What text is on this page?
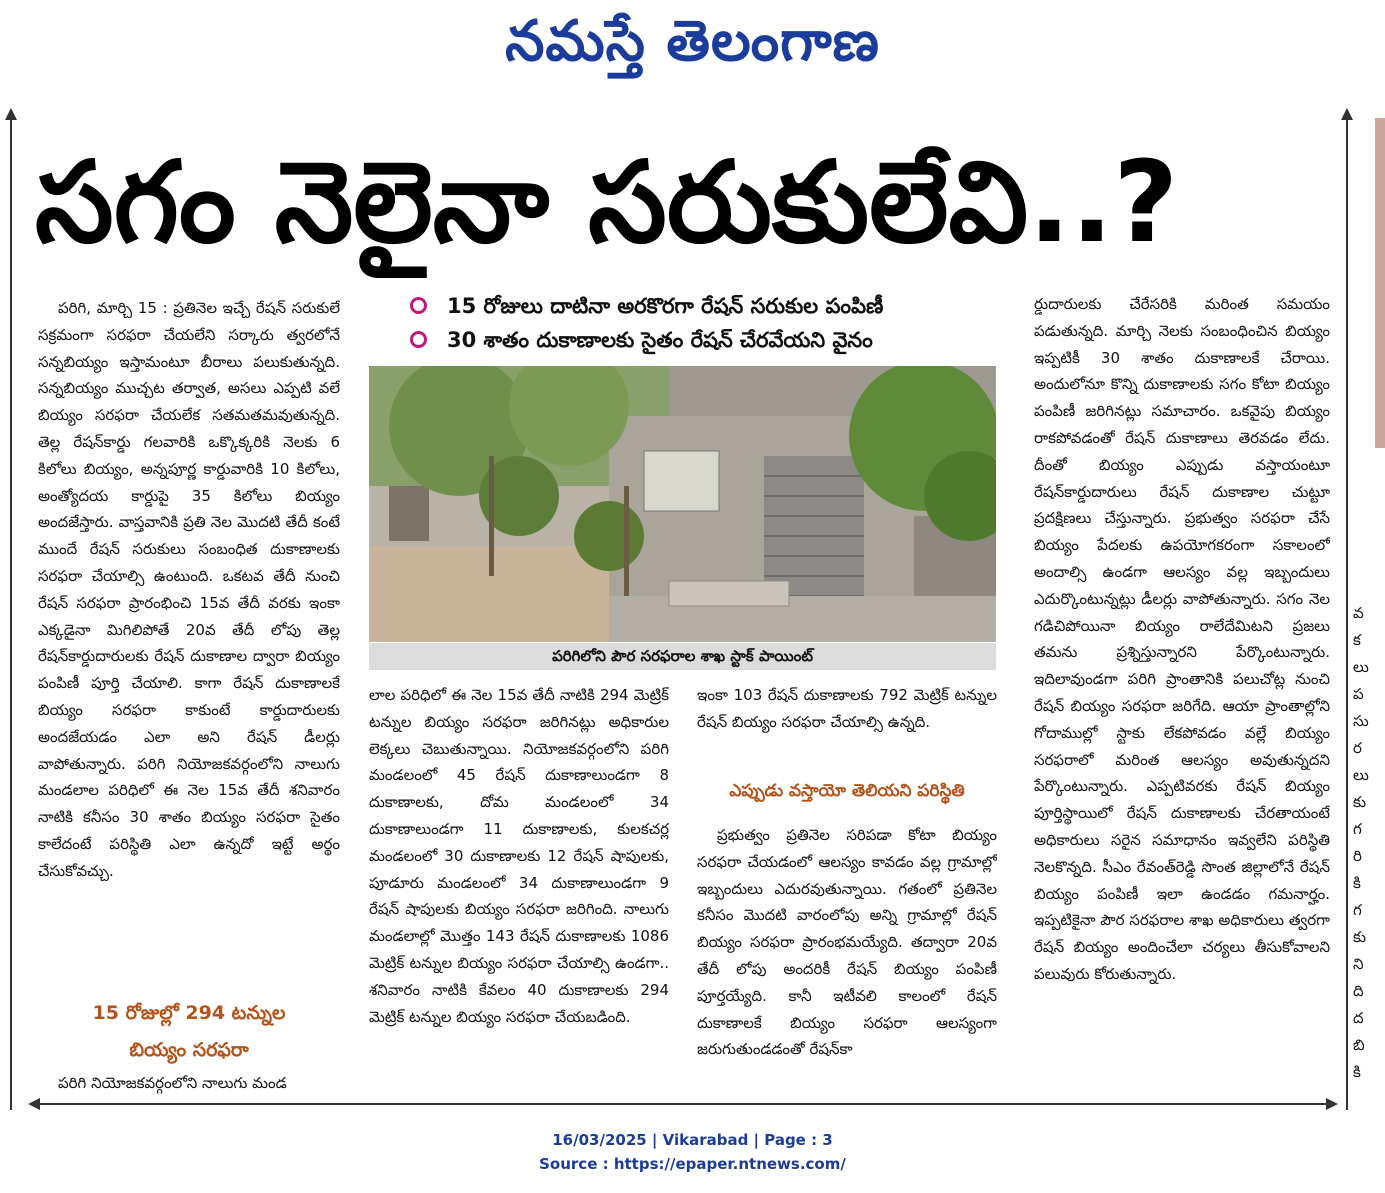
నమస్తే తెలంగాణ
వ
క
లు
ప
సు
ర
లు
కు
గ
రి
కి
గ
కు
ని
ది
ద
బి
కి
సగం నెలైనా సరుకులేవి..?

పరిగి, మార్చి 15 : ప్రతినెల ఇచ్చే రేషన్ సరుకులే సక్రమంగా సరఫరా చేయలేని సర్కారు త్వరలోనే సన్నబియ్యం ఇస్తామంటూ బీరాలు పలుకుతున్నది. సన్నబియ్యం ముచ్చట తర్వాత, అసలు ఎప్పటి వలే బియ్యం సరఫరా చేయలేక సతమతమవుతున్నది. తెల్ల రేషన్‌కార్డు గలవారికి ఒక్కొక్కరికి నెలకు 6 కిలోలు బియ్యం, అన్నపూర్ణ కార్డువారికి 10 కిలోలు, అంత్యోదయ కార్డుపై 35 కిలోలు బియ్యం అందజేస్తారు. వాస్తవానికి ప్రతి నెల మొదటి తేదీ కంటే ముందే రేషన్ సరుకులు సంబంధిత దుకాణాలకు సరఫరా చేయాల్సి ఉంటుంది. ఒకటవ తేదీ నుంచి రేషన్ సరఫరా ప్రారంభించి 15వ తేదీ వరకు ఇంకా ఎక్కడైనా మిగిలిపోతే 20వ తేదీ లోపు తెల్ల రేషన్‌కార్డుదారులకు రేషన్ దుకాణాల ద్వారా బియ్యం పంపిణీ పూర్తి చేయాలి. కాగా రేషన్ దుకాణాలకే బియ్యం సరఫరా కాకుంటే కార్డుదారులకు అందజేయడం ఎలా అని రేషన్ డీలర్లు వాపోతున్నారు. పరిగి నియోజకవర్గంలోని నాలుగు మండలాల పరిధిలో ఈ నెల 15వ తేదీ శనివారం నాటికి కనీసం 30 శాతం బియ్యం సరఫరా సైతం కాలేదంటే పరిస్థితి ఎలా ఉన్నదో ఇట్టే అర్థం చేసుకోవచ్చు.

15 రోజుల్లో 294 టన్నుల
బియ్యం సరఫరా
పరిగి నియోజకవర్గంలోని నాలుగు మండ
15 రోజులు దాటినా అరకొరగా రేషన్ సరుకుల పంపిణీ
30 శాతం దుకాణాలకు సైతం రేషన్ చేరవేయని వైనం
పరిగిలోని పౌర సరఫరాల శాఖ స్టాక్ పాయింట్
లాల పరిధిలో ఈ నెల 15వ తేదీ నాటికి 294 మెట్రిక్ టన్నుల బియ్యం సరఫరా జరిగినట్లు అధికారుల లెక్కలు చెబుతున్నాయి. నియోజకవర్గంలోని పరిగి మండలంలో 45 రేషన్ దుకాణాలుండగా 8 దుకాణాలకు, దోమ మండలంలో 34 దుకాణాలుండగా 11 దుకాణాలకు, కులకచర్ల మండలంలో 30 దుకాణాలకు 12 రేషన్ షాపులకు, పూడూరు మండలంలో 34 దుకాణాలుండగా 9 రేషన్ షాపులకు బియ్యం సరఫరా జరిగింది. నాలుగు మండలాల్లో మొత్తం 143 రేషన్ దుకాణాలకు 1086 మెట్రిక్ టన్నుల బియ్యం సరఫరా చేయాల్సి ఉండగా.. శనివారం నాటికి కేవలం 40 దుకాణాలకు 294 మెట్రిక్ టన్నుల బియ్యం సరఫరా చేయబడింది.

ఇంకా 103 రేషన్ దుకాణాలకు 792 మెట్రిక్ టన్నుల రేషన్ బియ్యం సరఫరా చేయాల్సి ఉన్నది.

ఎప్పుడు వస్తాయో తెలియని పరిస్థితి

ప్రభుత్వం ప్రతినెల సరిపడా కోటా బియ్యం సరఫరా చేయడంలో ఆలస్యం కావడం వల్ల గ్రామాల్లో ఇబ్బందులు ఎదురవుతున్నాయి. గతంలో ప్రతినెల కనీసం మొదటి వారంలోపు అన్ని గ్రామాల్లో రేషన్ బియ్యం సరఫరా ప్రారంభమయ్యేది. తద్వారా 20వ తేదీ లోపు అందరికీ రేషన్ బియ్యం పంపిణీ పూర్తయ్యేది. కానీ ఇటీవలి కాలంలో రేషన్ దుకాణాలకే బియ్యం సరఫరా ఆలస్యంగా జరుగుతుండడంతో రేషన్‌కా

ర్డుదారులకు చేరేసరికి మరింత సమయం పడుతున్నది. మార్చి నెలకు సంబంధించిన బియ్యం ఇప్పటికీ 30 శాతం దుకాణాలకే చేరాయి. అందులోనూ కొన్ని దుకాణాలకు సగం కోటా బియ్యం పంపిణీ జరిగినట్లు సమాచారం. ఒకవైపు బియ్యం రాకపోవడంతో రేషన్ దుకాణాలు తెరవడం లేదు. దీంతో బియ్యం ఎప్పుడు వస్తాయంటూ రేషన్‌కార్డుదారులు రేషన్ దుకాణాల చుట్టూ ప్రదక్షిణలు చేస్తున్నారు. ప్రభుత్వం సరఫరా చేసే బియ్యం పేదలకు ఉపయోగకరంగా సకాలంలో అందాల్సి ఉండగా ఆలస్యం వల్ల ఇబ్బందులు ఎదుర్కొంటున్నట్లు డీలర్లు వాపోతున్నారు. సగం నెల గడిచిపోయినా బియ్యం రాలేదేమిటని ప్రజలు తమను ప్రశ్నిస్తున్నారని పేర్కొంటున్నారు. ఇదిలావుండగా పరిగి ప్రాంతానికి పలుచోట్ల నుంచి రేషన్ బియ్యం సరఫరా జరిగేది. ఆయా ప్రాంతాల్లోని గోదాముల్లో స్టాకు లేకపోవడం వల్లే బియ్యం సరఫరాలో మరింత ఆలస్యం అవుతున్నదని పేర్కొంటున్నారు. ఎప్పటివరకు రేషన్ బియ్యం పూర్తిస్థాయిలో రేషన్ దుకాణాలకు చేరతాయంటే అధికారులు సరైన సమాధానం ఇవ్వలేని పరిస్థితి నెలకొన్నది. సీఎం రేవంత్‌రెడ్డి సొంత జిల్లాలోనే రేషన్ బియ్యం పంపిణీ ఇలా ఉండడం గమనార్హం. ఇప్పటికైనా పౌర సరఫరాల శాఖ అధికారులు త్వరగా రేషన్ బియ్యం అందించేలా చర్యలు తీసుకోవాలని పలువురు కోరుతున్నారు.
16/03/2025 | Vikarabad | Page : 3
Source : https://epaper.ntnews.com/
